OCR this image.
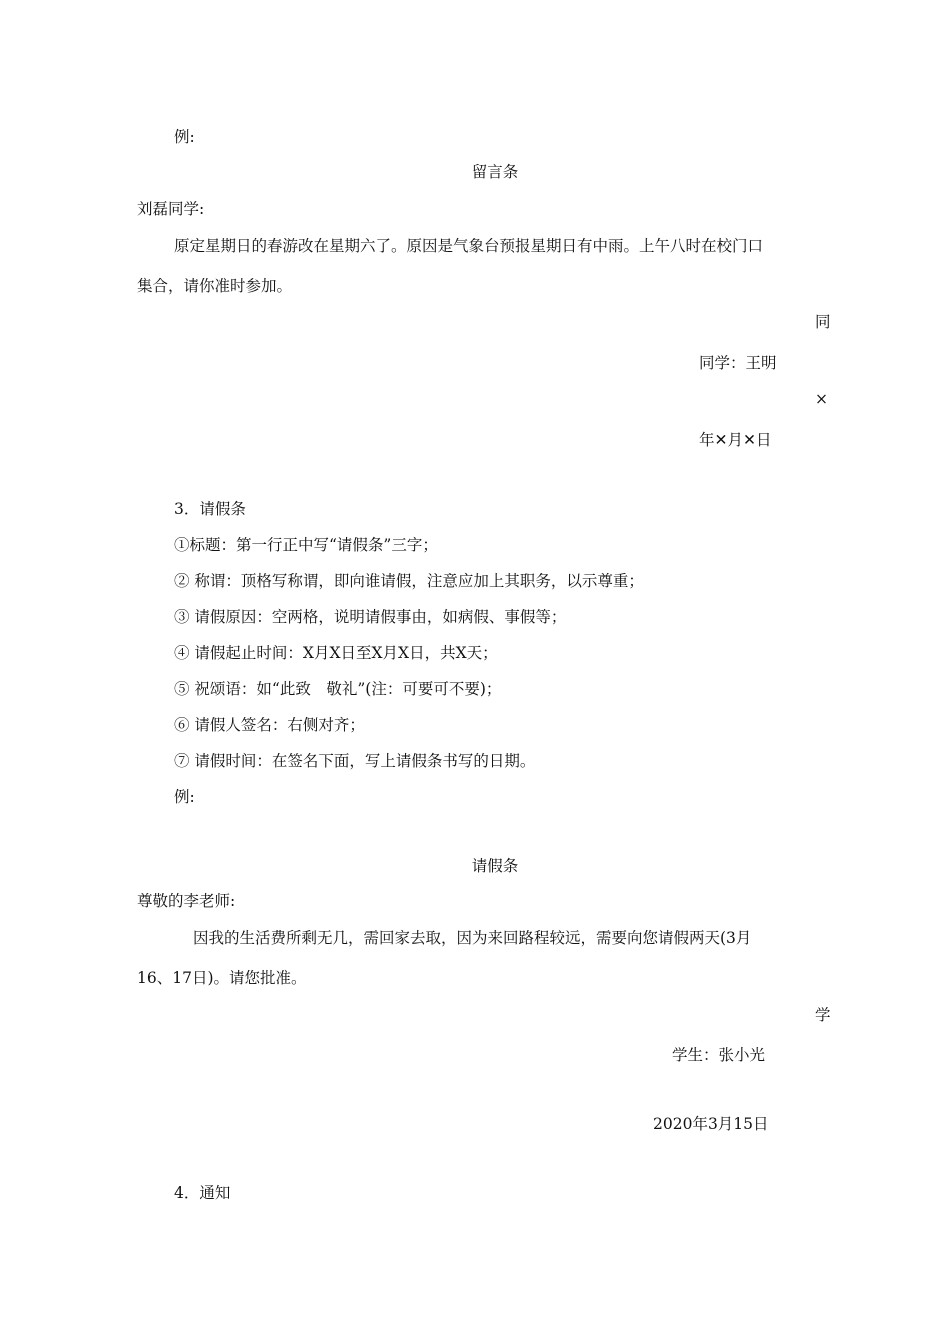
例:
留言条
刘磊同学:
原定星期日的春游改在星期六了。原因是气象台预报星期日有中雨。上午八时在校门口
集合，请你准时参加。
同
同学：王明
×
年✕月✕日
3．请假条
①标题：第一行正中写“请假条”三字；
② 称谓：顶格写称谓，即向谁请假，注意应加上其职务，以示尊重；
③ 请假原因：空两格，说明请假事由，如病假、事假等；
④ 请假起止时间：X月X日至X月X日，共X天；
⑤ 祝颂语：如“此致　敬礼”(注：可要可不要)；
⑥ 请假人签名：右侧对齐；
⑦ 请假时间：在签名下面，写上请假条书写的日期。
例:
请假条
尊敬的李老师:
因我的生活费所剩无几，需回家去取，因为来回路程较远，需要向您请假两天(3月
16、17日)。请您批准。
学
学生：张小光
2020年3月15日
4．通知
